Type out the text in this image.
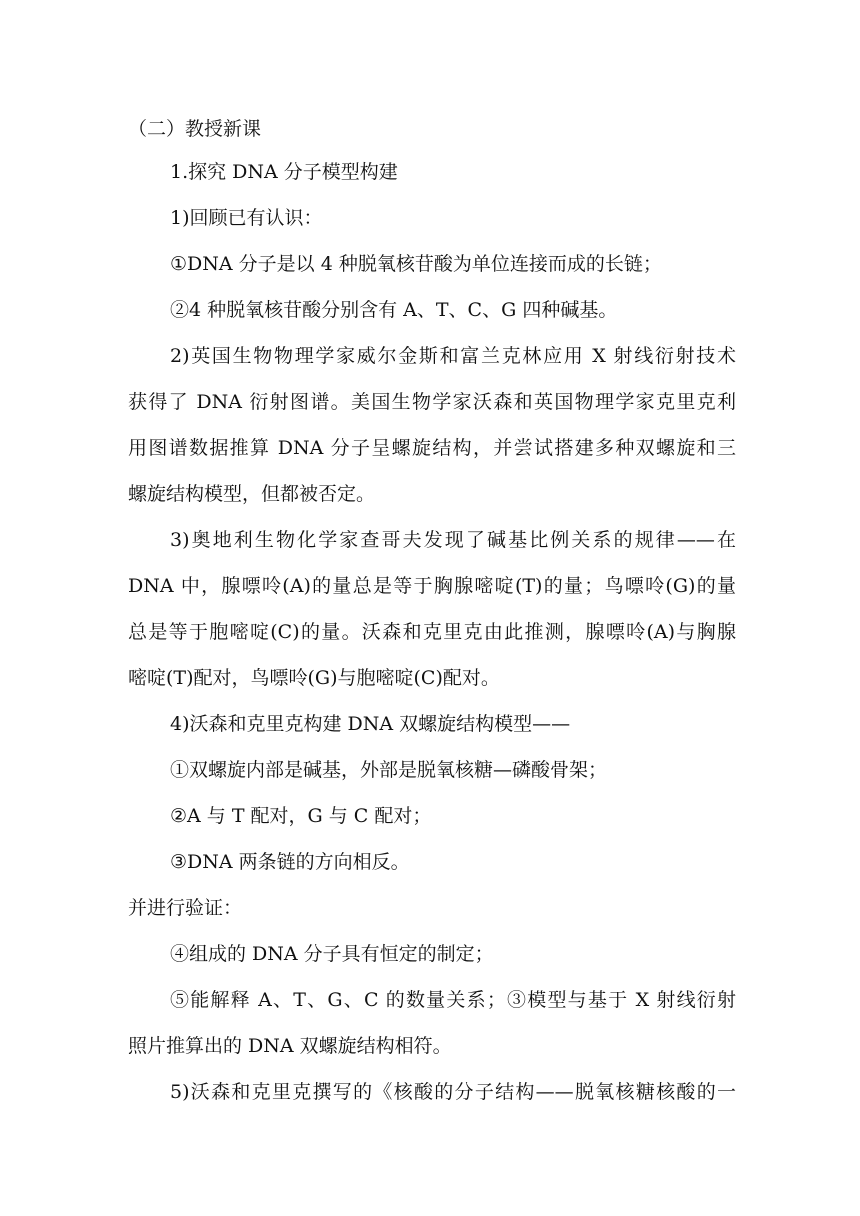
（二）教授新课
1.探究 DNA 分子模型构建
1)回顾已有认识：
①DNA 分子是以 4 种脱氧核苷酸为单位连接而成的长链；
②4 种脱氧核苷酸分别含有 A、T、C、G 四种碱基。
2)英国生物物理学家威尔金斯和富兰克林应用 X 射线衍射技术
获得了 DNA 衍射图谱。美国生物学家沃森和英国物理学家克里克利
用图谱数据推算 DNA 分子呈螺旋结构，并尝试搭建多种双螺旋和三
螺旋结构模型，但都被否定。
3)奥地利生物化学家查哥夫发现了碱基比例关系的规律——在
DNA 中，腺嘌呤(A)的量总是等于胸腺嘧啶(T)的量；鸟嘌呤(G)的量
总是等于胞嘧啶(C)的量。沃森和克里克由此推测，腺嘌呤(A)与胸腺
嘧啶(T)配对，鸟嘌呤(G)与胞嘧啶(C)配对。
4)沃森和克里克构建 DNA 双螺旋结构模型——
①双螺旋内部是碱基，外部是脱氧核糖—磷酸骨架；
②A 与 T 配对，G 与 C 配对；
③DNA 两条链的方向相反。
并进行验证：
④组成的 DNA 分子具有恒定的制定；
⑤能解释 A、T、G、C 的数量关系；③模型与基于 X 射线衍射
照片推算出的 DNA 双螺旋结构相符。
5)沃森和克里克撰写的《核酸的分子结构——脱氧核糖核酸的一
